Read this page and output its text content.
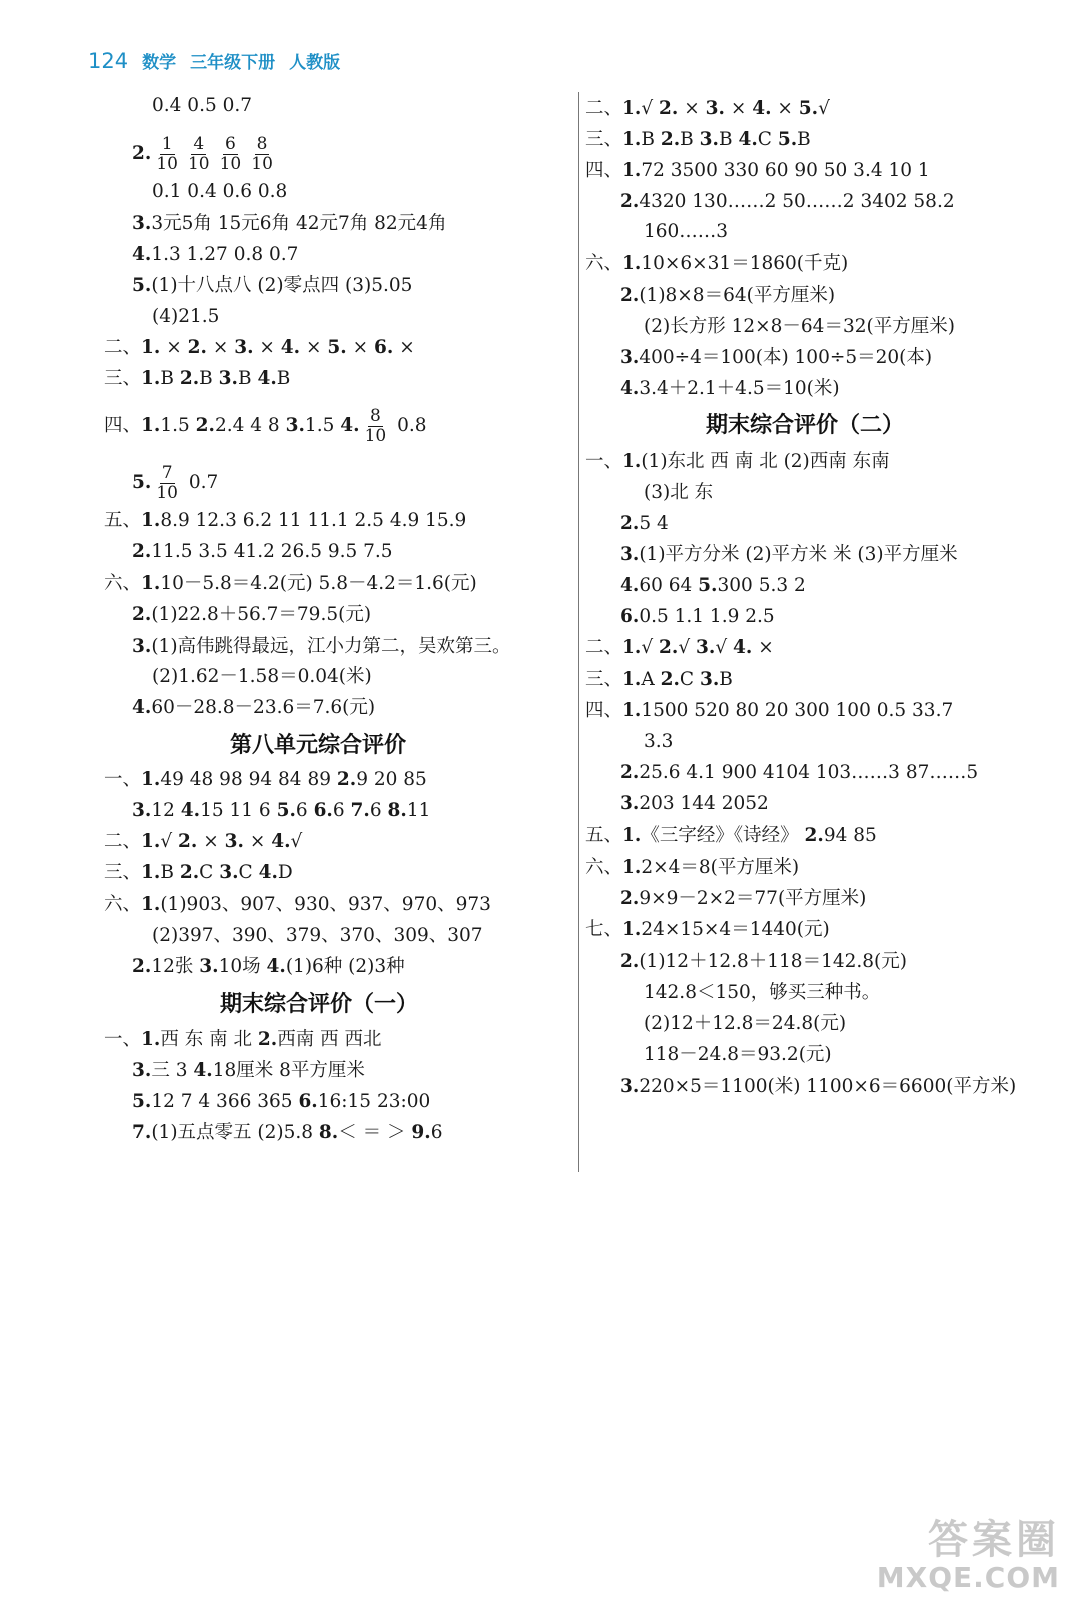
124 数学 三年级下册 人教版
0.4 0.5 0.7
2. $\frac{1}{10} \frac{4}{10} \frac{6}{10} \frac{8}{10}$
0.1 0.4 0.6 0.8
3.3元5角 15元6角 42元7角 82元4角
4.1.3 1.27 0.8 0.7
5.(1)十八点八 (2)零点四 (3)5.05
(4)21.5
二、1. × 2. × 3. × 4. × 5. × 6. ×
三、1.B 2.B 3.B 4.B
四、1.1.5 2.2.4 4 8 3.1.5 4. $\frac{8}{10} 0.8$
5. $\frac{7}{10} 0.7$
五、1.8.9 12.3 6.2 11 11.1 2.5 4.9 15.9
2.11.5 3.5 41.2 26.5 9.5 7.5
六、1.10－5.8＝4.2(元) 5.8－4.2＝1.6(元)
2.(1)22.8＋56.7＝79.5(元)
3.(1)高伟跳得最远，江小力第二，吴欢第三。
(2)1.62－1.58＝0.04(米)
4.60－28.8－23.6＝7.6(元)
第八单元综合评价
一、1.49 48 98 94 84 89 2.9 20 85
3.12 4.15 11 6 5.6 6.6 7.6 8.11
二、1.√ 2. × 3. × 4.√
三、1.B 2.C 3.C 4.D
六、1.(1)903、907、930、937、970、973
(2)397、390、379、370、309、307
2.12张 3.10场 4.(1)6种 (2)3种
期末综合评价（一）
一、1.西 东 南 北 2.西南 西 西北
3.三 3 4.18厘米 8平方厘米
5.12 7 4 366 365 6.16:15 23:00
7.(1)五点零五 (2)5.8 8.＜ ＝ ＞ 9.6
二、1.√ 2. × 3. × 4. × 5.√
三、1.B 2.B 3.B 4.C 5.B
四、1.72 3500 330 60 90 50 3.4 10 1
2.4320 130……2 50……2 3402 58.2
160……3
六、1.10×6×31＝1860(千克)
2.(1)8×8＝64(平方厘米)
(2)长方形 12×8－64＝32(平方厘米)
3.400÷4＝100(本) 100÷5＝20(本)
4.3.4＋2.1＋4.5＝10(米)
期末综合评价（二）
一、1.(1)东北 西 南 北 (2)西南 东南
(3)北 东
2.5 4
3.(1)平方分米 (2)平方米 米 (3)平方厘米
4.60 64 5.300 5.3 2
6.0.5 1.1 1.9 2.5
二、1.√ 2.√ 3.√ 4. ×
三、1.A 2.C 3.B
四、1.1500 520 80 20 300 100 0.5 33.7
3.3
2.25.6 4.1 900 4104 103……3 87……5
3.203 144 2052
五、1.《三字经》《诗经》 2.94 85
六、1.2×4＝8(平方厘米)
2.9×9－2×2＝77(平方厘米)
七、1.24×15×4＝1440(元)
2.(1)12＋12.8＋118＝142.8(元)
142.8＜150，够买三种书。
(2)12＋12.8＝24.8(元)
118－24.8＝93.2(元)
3.220×5＝1100(米) 1100×6＝6600(平方米)
答案圈
MXQE.COM
